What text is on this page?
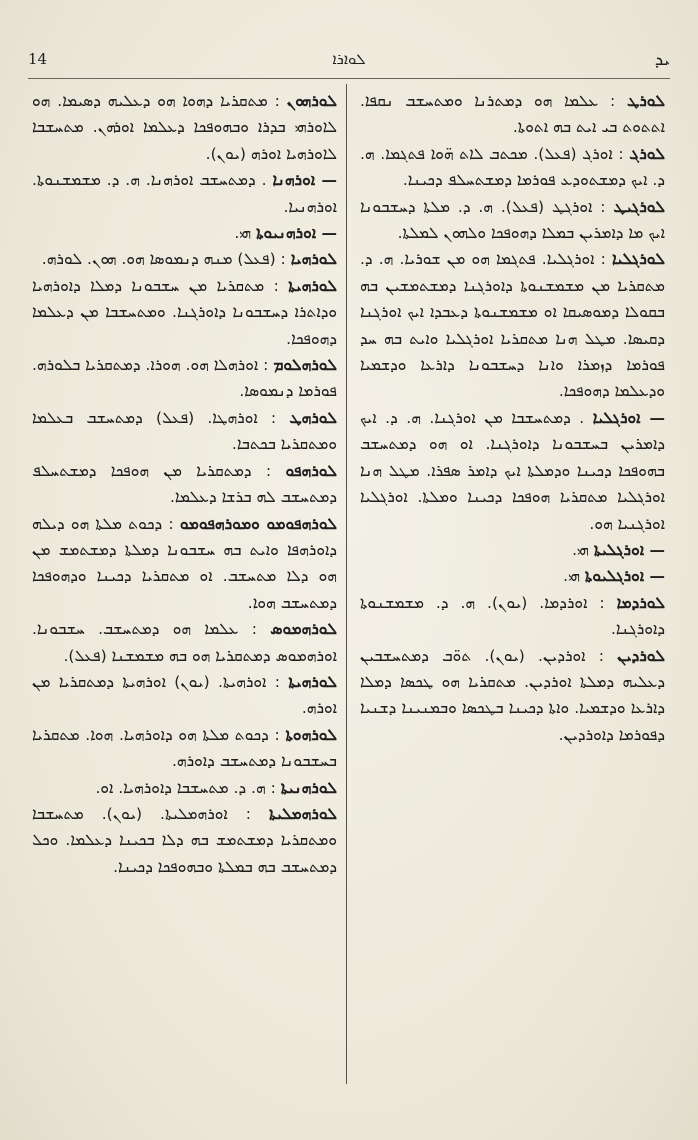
14	ܠܘܐܪܐ	ܝܕ
ܠܘܪܛ : ܥܠܡܐ ܗܘ ܕܡܬܪܢܐ ܘܡܬܚܫܒ ܢܩܦܐ. ܐܬܬܘܬ ܒܝ ܐܝܬ ܒܗ ܐܬܘܬܐ.
ܠܘܪܓ : ܐܘܪܓ (ܦܥܠ). ܡܟܬܒ ܠܐܬ ܗ̈ܘܐ ܦܬܓܡܐ. ܗ. ܕ. ܐܝܟ ܕܡܫܬܘܕܥ ܦܘܪܡܐ ܕܡܫܬܚܠܦ ܕܟܝܢܐ.
ܠܘܪܓܝܛ : ܐܘܪܓܛ (ܦܥܠ). ܗ. ܕ. ܡܠܬܐ ܕܚܫܒܘܢܐ ܐܝܟ ܡܐ ܕܐܡܪܝܢ ܒܡܠܐ ܕܗܘܦܟܐ ܘܠܗܘܢ ܠܡܠܬܐ.
ܠܘܪܓܠܝܐ : ܐܘܪܓܠܝܐ. ܦܬܓܡܐ ܗܘ ܡܢ ܫܘܪܝܐ. ܗ. ܕ. ܡܬܩܪܝܐ ܡܢ ܡܫܡܫܢܘܬܐ ܕܐܘܪܓܢܐ ܕܡܫܬܡܫܝܢ ܒܗ ܒܩܘܠܐ ܕܡܘܣܝܩܐ ܐܘ ܡܫܡܫܢܘܬܐ ܕܥܒܕܐ ܐܝܟ ܐܘܪܓܢܐ ܕܩܝܣܐ. ܡܛܠ ܗܢܐ ܡܬܩܪܝܐ ܐܘܪܓܠܝܐ ܘܐܝܬ ܒܗ ܚܕ ܦܘܪܡܐ ܕܙܡܪܐ ܘܐܢܐ ܕܚܫܒܘܢܐ ܕܐܪܥܐ ܘܕܫܡܝܐ ܘܕܥܠܡܐ ܕܗܘܦܟܐ.
— ܐܘܪܓܠܝܐ . ܕܡܬܚܫܒܐ ܡܢ ܐܘܪܓܢܐ. ܗ. ܕ. ܐܝܟ ܕܐܡܪܝܢ ܒܚܫܒܘܢܐ ܕܐܘܪܓܢܐ. ܐܘ ܗܘ ܕܡܬܚܫܒ ܒܗܘܦܟܐ ܕܟܝܢܐ ܘܕܡܠܬܐ ܐܝܟ ܕܐܡܪ ܣܦܪܐ. ܡܛܠ ܗܢܐ ܐܘܪܓܠܝܐ ܡܬܩܪܝܐ ܗܘܦܟܐ ܕܟܝܢܐ ܘܡܠܬܐ. ܐܘܪܓܠܝܐ ܐܘܪܓܢܝܐ ܗܘ.
— ܐܘܪܓܠܝܬܐ ܗܝ.
— ܐܘܪܓܠܝܘܬܐ ܗܝ.
ܠܘܪܕܡܐ : ܐܘܪܕܡܐ. (ܝܘܢ). ܗ. ܕ. ܡܫܡܫܢܘܬܐ ܕܐܘܪܓܢܐ.
ܠܘܪܕܝܢ : ܐܘܪܕܝܢ. (ܝܘܢ). ܬܘ̈ܒ ܕܡܬܚܫܒܝܢ ܕܥܠܝܗ ܕܡܠܬܐ ܐܘܪܕܝܢ. ܡܬܩܪܝܐ ܗܘ ܛܟܣܐ ܕܡܠܐ ܕܐܪܥܐ ܘܕܫܡܝܐ. ܘܐܬܐ ܕܟܝܢܐ ܒܛܟܣܐ ܘܒܡܢܝܢܐ ܕܫܢܝܐ ܕܦܘܪܡܐ ܕܐܘܪܕܝܢ.
ܠܘܪܗܘܢ : ܡܬܩܪܝܐ ܕܗܘܐ ܗܘ ܕܥܠܝܗ ܕܣܝܡܐ. ܗܘ ܠܐܘܪܗܝ ܒܕܪܐ ܘܒܗܘܦܟܐ ܕܥܠܡܐ ܐܘܪܗܢ. ܡܬܚܫܒܐ ܠܐܘܪܗܝܐ ܐܘܪܗ (ܝܘܢ).
— ܐܘܪܗܢܐ . ܕܡܬܚܫܒ ܐܘܪܗܢܐ. ܗ. ܕ. ܡܫܡܫܢܘܬܐ. ܐܘܪܗܢܝܐ.
— ܐܘܪܗܢܝܘܬܐ ܗܝ.
ܠܘܪܗܝܐ : (ܦܥܠ) ܡܢܗ ܕܢܡܘܣܐ ܗܘ. ܗܘܢ. ܠܘܪܗ.
ܠܘܪܗܝܬܐ : ܡܬܩܪܝܐ ܡܢ ܚܫܒܘܢܐ ܕܡܠܐ ܕܐܘܪܗܝܐ ܘܕܐܬܪܐ ܕܚܫܒܘܢܐ ܕܐܘܪܓܢܐ. ܘܡܬܚܫܒܐ ܡܢ ܕܥܠܡܐ ܕܗܘܦܟܐ.
ܠܘܪܗܠܘܡ : ܐܘܪܗܠܐ ܗܘ. ܗܘܪܐ. ܕܡܬܩܪܝܐ ܒܠܘܪܗ. ܦܘܪܡܐ ܕܢܡܘܣܐ.
ܠܘܪܗܛ : ܐܘܪܗܛܐ. (ܦܥܠ) ܕܡܬܚܫܒ ܒܥܠܡܐ ܘܡܬܩܪܝܐ ܒܟܬܒܐ.
ܠܘܪܗܦܘ : ܕܡܬܩܪܝܐ ܡܢ ܗܘܦܟܐ ܕܡܫܬܚܠܦ ܕܡܬܚܫܒ ܠܗ ܒܪܫܐ ܕܥܠܡܐ.
ܠܘܪܗܦܘܡܘ ܘܡܘܪܗܦܘܡܘ : ܕܟܘܬ ܡܠܬܐ ܗܘ ܕܝܠܗ ܕܐܘܪܗܦܐ ܘܐܝܬ ܒܗ ܚܫܒܘܢܐ ܕܡܠܬܐ ܕܡܫܬܡܫ ܡܢ ܗܘ ܕܠܐ ܡܬܚܫܒ. ܐܘ ܡܬܩܪܝܐ ܕܟܝܢܐ ܘܕܗܘܦܟܐ ܕܡܬܚܫܒ ܗܘܐ.
ܠܘܪܗܡܘܣ : ܥܠܡܐ ܗܘ ܕܡܬܚܫܒ. ܚܫܒܘܢܐ. ܐܘܪܗܡܘܣ ܕܡܬܩܪܝܐ ܗܘ ܒܗ ܡܫܡܫܢܐ (ܦܥܠ).
ܠܘܪܗܝܬܐ : ܐܘܪܗܝܬܐ. (ܝܘܢ) ܐܘܪܗܝܬܐ ܕܡܬܩܪܝܐ ܡܢ ܐܘܪܗ.
ܠܘܪܗܘܬܐ : ܕܟܘܬ ܡܠܬܐ ܗܘ ܕܐܘܪܗܝܐ. ܗܘܐ. ܡܬܩܪܝܐ ܒܚܫܒܘܢܐ ܕܡܬܚܫܒ ܕܐܘܪܗ.
ܠܘܪܗܢܝܬܐ : ܗ. ܕ. ܡܬܚܫܒܐ ܕܐܘܪܗܝܐ. ܐܘ.
ܠܘܪܗܡܠܝܬܐ : ܐܘܪܗܡܠܝܬܐ. (ܝܘܢ). ܡܬܚܫܒܐ ܘܡܬܩܪܝܐ ܕܡܫܬܡܫ ܒܗ ܕܠܐ ܒܟܝܢܐ ܕܥܠܡܐ. ܘܟܠ ܕܡܬܚܫܒ ܒܗ ܒܡܠܬܐ ܘܒܗܘܦܟܐ ܕܟܝܢܐ.
